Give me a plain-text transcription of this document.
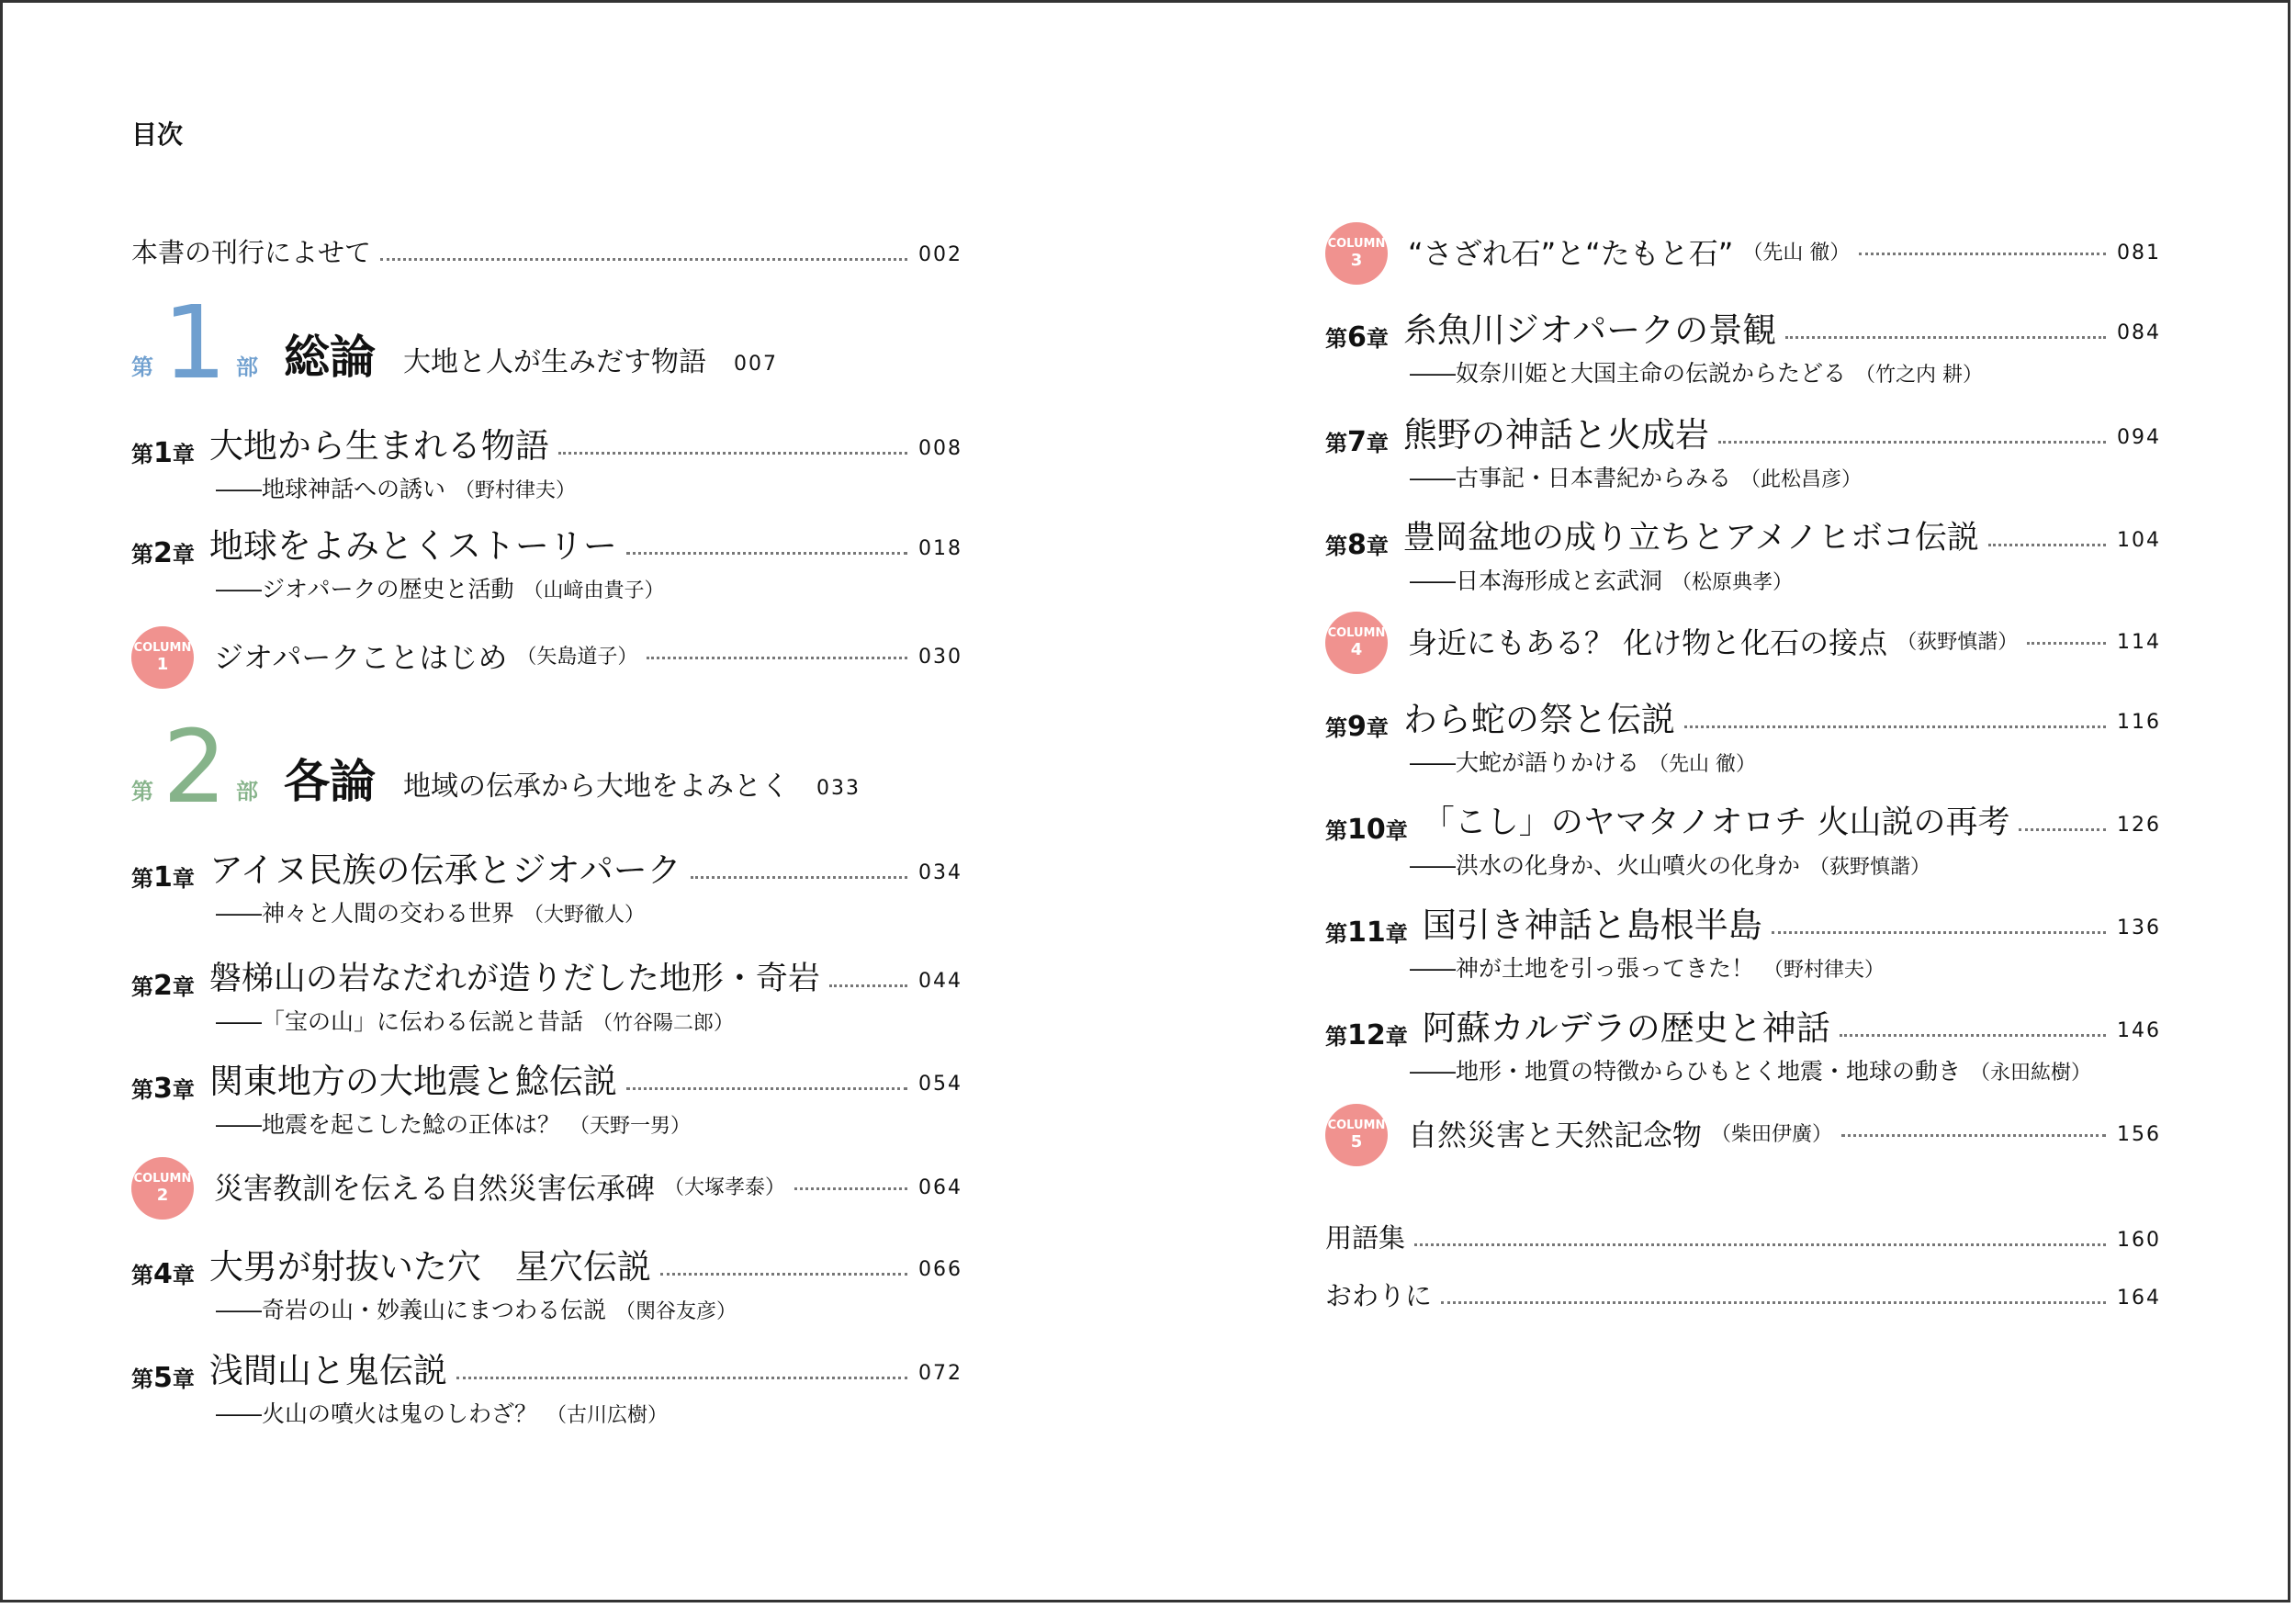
目次
本書の刊行によせて	002
第 1 部 総論 大地と人が生みだす物語 007
第1章 大地から生まれる物語	008
――地球神話への誘い （野村律夫）
第2章 地球をよみとくストーリー	018
――ジオパークの歴史と活動 （山﨑由貴子）
COLUMN
1 ジオパークことはじめ （矢島道子）	030
第 2 部 各論 地域の伝承から大地をよみとく 033
第1章 アイヌ民族の伝承とジオパーク	034
――神々と人間の交わる世界 （大野徹人）
第2章 磐梯山の岩なだれが造りだした地形・奇岩	044
――「宝の山」に伝わる伝説と昔話 （竹谷陽二郎）
第3章 関東地方の大地震と鯰伝説	054
――地震を起こした鯰の正体は？ （天野一男）
COLUMN
2 災害教訓を伝える自然災害伝承碑 （大塚孝泰）	064
第4章 大男が射抜いた穴　星穴伝説	066
――奇岩の山・妙義山にまつわる伝説 （関谷友彦）
第5章 浅間山と鬼伝説	072
――火山の噴火は鬼のしわざ？ （古川広樹）
COLUMN
3 “さざれ石”と“たもと石” （先山 徹）	081
第6章 糸魚川ジオパークの景観	084
――奴奈川姫と大国主命の伝説からたどる （竹之内 耕）
第7章 熊野の神話と火成岩	094
――古事記・日本書紀からみる （此松昌彦）
第8章 豊岡盆地の成り立ちとアメノヒボコ伝説	104
――日本海形成と玄武洞 （松原典孝）
COLUMN
4 身近にもある？ 化け物と化石の接点 （荻野慎諧）	114
第9章 わら蛇の祭と伝説	116
――大蛇が語りかける （先山 徹）
第10章 「こし」のヤマタノオロチ 火山説の再考	126
――洪水の化身か、火山噴火の化身か （荻野慎諧）
第11章 国引き神話と島根半島	136
――神が土地を引っ張ってきた！ （野村律夫）
第12章 阿蘇カルデラの歴史と神話	146
――地形・地質の特徴からひもとく地震・地球の動き （永田紘樹）
COLUMN
5 自然災害と天然記念物 （柴田伊廣）	156
用語集	160
おわりに	164
